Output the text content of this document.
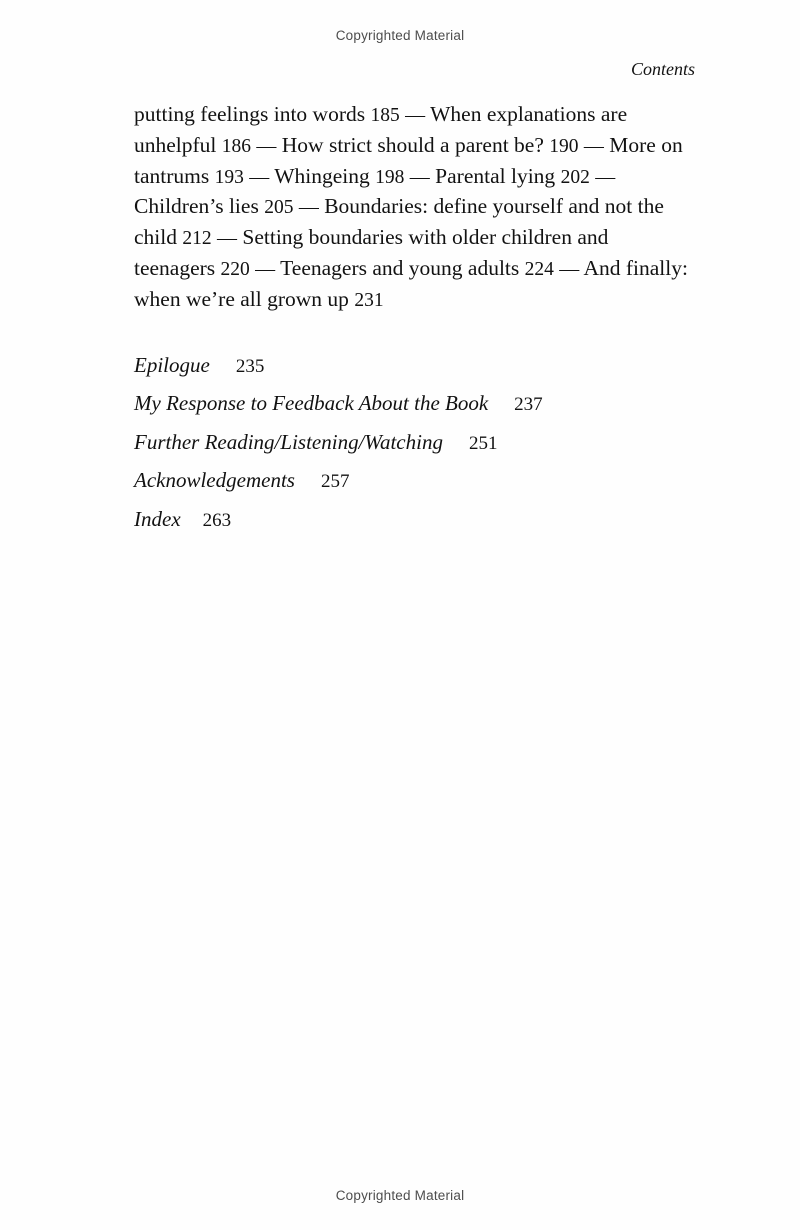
Copyrighted Material
Contents
putting feelings into words 185 — When explanations are unhelpful 186 — How strict should a parent be? 190 — More on tantrums 193 — Whingeing 198 — Parental lying 202 — Children’s lies 205 — Boundaries: define yourself and not the child 212 — Setting boundaries with older children and teenagers 220 — Teenagers and young adults 224 — And finally: when we’re all grown up 231
Epilogue 235
My Response to Feedback About the Book 237
Further Reading/Listening/Watching 251
Acknowledgements 257
Index 263
Copyrighted Material
